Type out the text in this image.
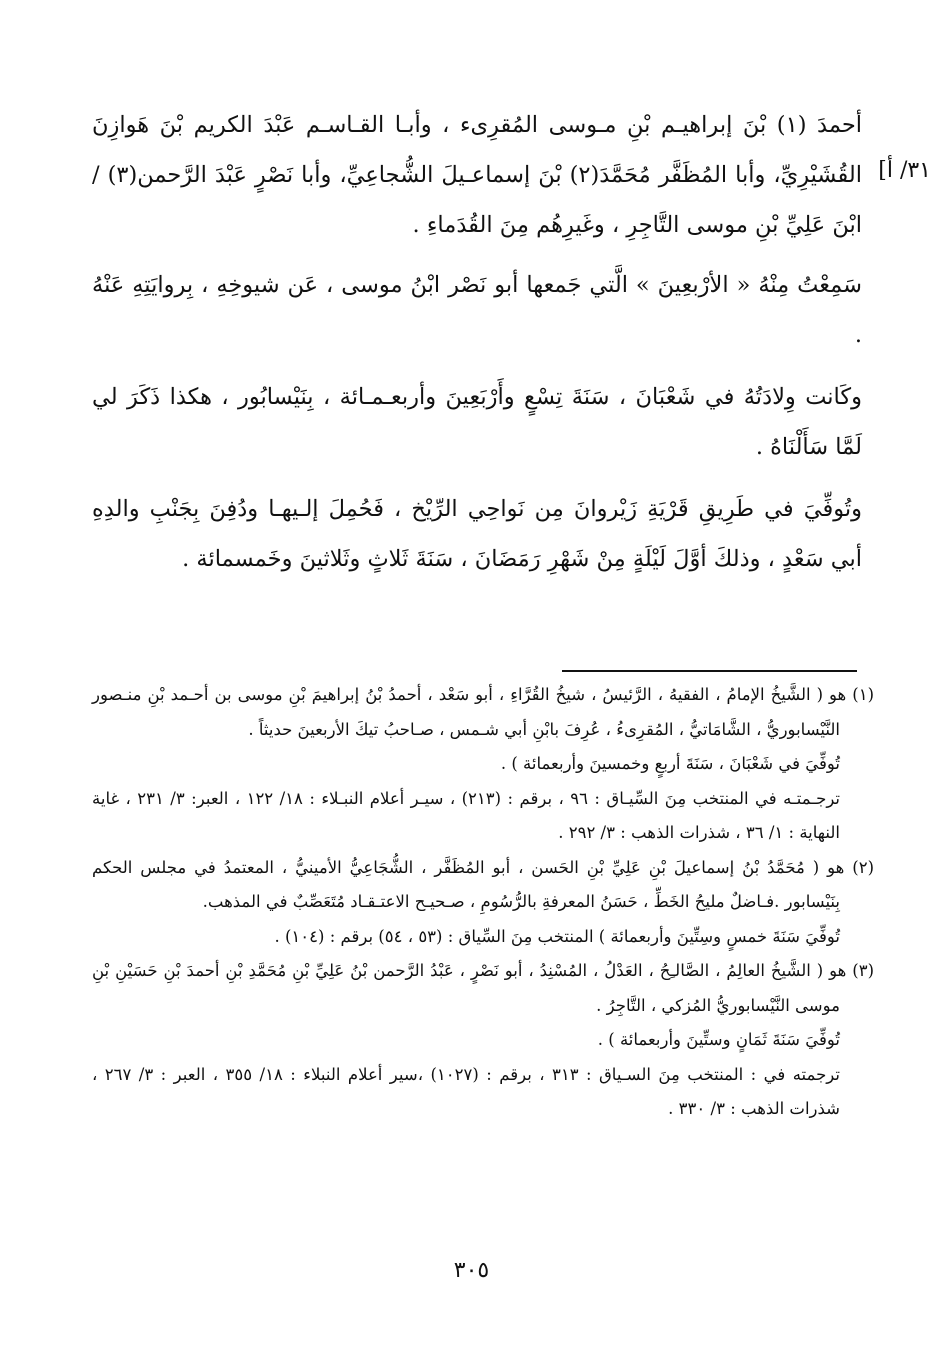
٣١/ أ]

أحمدَ (١) بْنَ إبراهيـم بْنِ مـوسى المُقرِىء ، وأبـا القـاسـم عَبْدَ الكريم بْنَ هَوازِنَ القُشَيْرِيِّ، وأبا المُظَفَّر مُحَمَّدَ(٢) بْنَ إسماعـيلَ الشُّجاعِيِّ، وأبا نَصْرٍ عَبْدَ الرَّحمن(٣) / ابْنَ عَلِيِّ بْنِ موسى التَّاجِرِ ، وغَيرِهُم مِنَ القُدَماءِ .

سَمِعْتُ مِنْهُ « الأرْبعِينَ » الَّتي جَمعها أبو نَصْر ابْنُ موسى ، عَن شيوخِهِ ، بِروايَتِهِ عَنْهُ .

وكَانت وِلادَتُهُ في شَعْبَانَ ، سَنَةَ تِسْعٍ وأَرْبَعِينَ وأربعـمـائة ، بِنَيْسابُور ، هكذا ذَكَرَ لي لَمَّا سَأَلْنَاهُ .

وتُوفِّيَ في طَرِيقِ قَرْيَةِ زَيْروانَ مِن نَواحِي الرِّيْخ ، فَحُمِلَ إلـيهـا ودُفِنَ بِجَنْبِ والدِهِ أبي سَعْدٍ ، وذلكَ أوَّلَ لَيْلَةٍ مِنْ شَهْرِ رَمَضَانَ ، سَنَةَ ثَلاثٍ وثَلاثينَ وخَمسمائة .

(١) هو ( الشَّيخُ الإمامُ ، الفقيهُ ، الرَّئيسُ ، شيخُ القُرَّاءِ ، أبو سَعْد ، أحمدُ بْنُ إبراهيمَ بْنِ موسى بن أحـمد بْنِ منـصور النَّيْسابوريُّ ، الشَّامَاتيُّ ، المُقرِىءُ ، عُرِفَ بابْنِ أبي شـمس ، صـاحبُ تيكَ الأربعينَ حديثاً .

تُوفِّيَ في شَعْبَانَ ، سَنَةَ أربعٍ وخمسينَ وأربعمائة ) .

ترجـمتـه في المنتخب مِنَ السِّيـاق : ٩٦ ، برقم : (٢١٣) ، سيـر أعلام النبـلاء : ١٨/ ١٢٢ ، العبر: ٣/ ٢٣١ ، غاية النهاية : ١/ ٣٦ ، شذرات الذهب : ٣/ ٢٩٢ .

(٢) هو ( مُحَمَّدُ بْنُ إسماعيلَ بْنِ عَلِيِّ بْنِ الحَسن ، أبو المُظَفَّر ، الشُّجَاعِيُّ الأمينيُّ ، المعتمدُ في مجلس الحكم بِنَيْسابور .فـاضلٌ مليحُ الخَطِّ ، حَسَنُ المعرفةِ بالرُّسُومِ ، صـحيـح الاعتـقـاد مُتَعَصِّبٌ في المذهب.

تُوفِّيَ سَنَةَ خمسٍ وسِتِّينَ وأربعمائة ) المنتخب مِنَ السِّياق : (٥٣ ، ٥٤) برقم : (١٠٤) .

(٣) هو ( الشَّيخُ العالِمُ ، الصَّالـِحُ ، العَدْلُ ، المُسْنِدُ ، أبو نَصْرٍ ، عَبْدُ الرَّحمن بْنُ عَلِيِّ بْنِ مُحَمَّدِ بْنِ أحمدَ بْنِ حَسَيْنِ بْنِ موسى النَّيْسابوريُّ المُزكي ، التَّاجِرُ .

تُوفِّيَ سَنَةَ ثَمَانٍ وستِّينَ وأربعمائة ) .

ترجمته في : المنتخب مِنَ السـياق : ٣١٣ ، برقم : (١٠٢٧) ،سير أعلام النبلاء : ١٨/ ٣٥٥ ، العبر : ٣/ ٢٦٧ ، شذرات الذهب : ٣/ ٣٣٠ .

٣٠٥
